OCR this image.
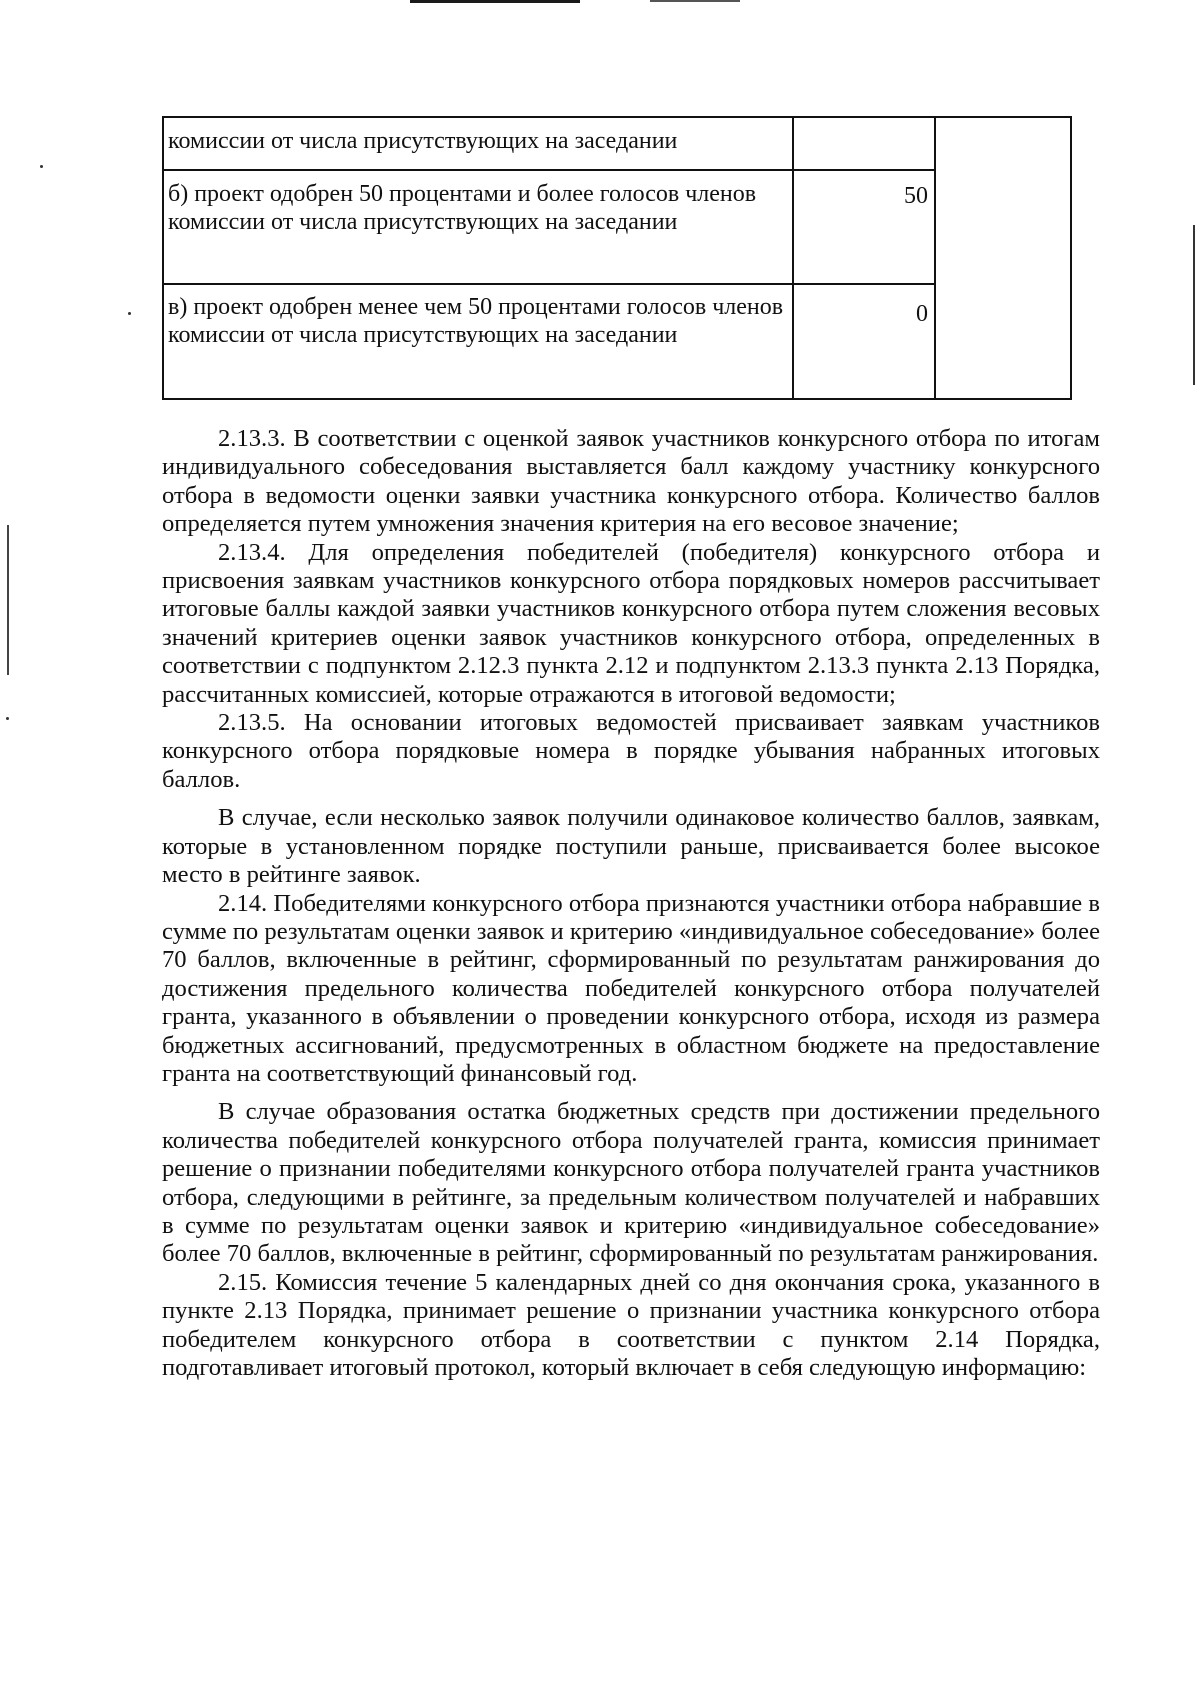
комиссии от числа присутствующих на заседании
б) проект одобрен 50 процентами и более голосов членов комиссии от числа присутствующих на заседании
в) проект одобрен менее чем 50 процентами голосов членов комиссии от числа присутствующих на заседании
50
0

2.13.3. В соответствии с оценкой заявок участников конкурсного отбора по итогам индивидуального собеседования выставляется балл каждому участнику конкурсного отбора в ведомости оценки заявки участника конкурсного отбора. Количество баллов определяется путем умножения значения критерия на его весовое значение;

2.13.4. Для определения победителей (победителя) конкурсного отбора и присвоения заявкам участников конкурсного отбора порядковых номеров рассчитывает итоговые баллы каждой заявки участников конкурсного отбора путем сложения весовых значений критериев оценки заявок участников конкурсного отбора, определенных в соответствии с подпунктом 2.12.3 пункта 2.12 и подпунктом 2.13.3 пункта 2.13 Порядка, рассчитанных комиссией, которые отражаются в итоговой ведомости;

2.13.5. На основании итоговых ведомостей присваивает заявкам участников конкурсного отбора порядковые номера в порядке убывания набранных итоговых баллов.

В случае, если несколько заявок получили одинаковое количество баллов, заявкам, которые в установленном порядке поступили раньше, присваивается более высокое место в рейтинге заявок.

2.14. Победителями конкурсного отбора признаются участники отбора набравшие в сумме по результатам оценки заявок и критерию «индивидуальное собеседование» более 70 баллов, включенные в рейтинг, сформированный по результатам ранжирования до достижения предельного количества победителей конкурсного отбора получателей гранта, указанного в объявлении о проведении конкурсного отбора, исходя из размера бюджетных ассигнований, предусмотренных в областном бюджете на предоставление гранта на соответствующий финансовый год.

В случае образования остатка бюджетных средств при достижении предельного количества победителей конкурсного отбора получателей гранта, комиссия принимает решение о признании победителями конкурсного отбора получателей гранта участников отбора, следующими в рейтинге, за предельным количеством получателей и набравших в сумме по результатам оценки заявок и критерию «индивидуальное собеседование» более 70 баллов, включенные в рейтинг, сформированный по результатам ранжирования.

2.15. Комиссия течение 5 календарных дней со дня окончания срока, указанного в пункте 2.13 Порядка, принимает решение о признании участника конкурсного отбора победителем конкурсного отбора в соответствии с пунктом 2.14 Порядка, подготавливает итоговый протокол, который включает в себя следующую информацию:
